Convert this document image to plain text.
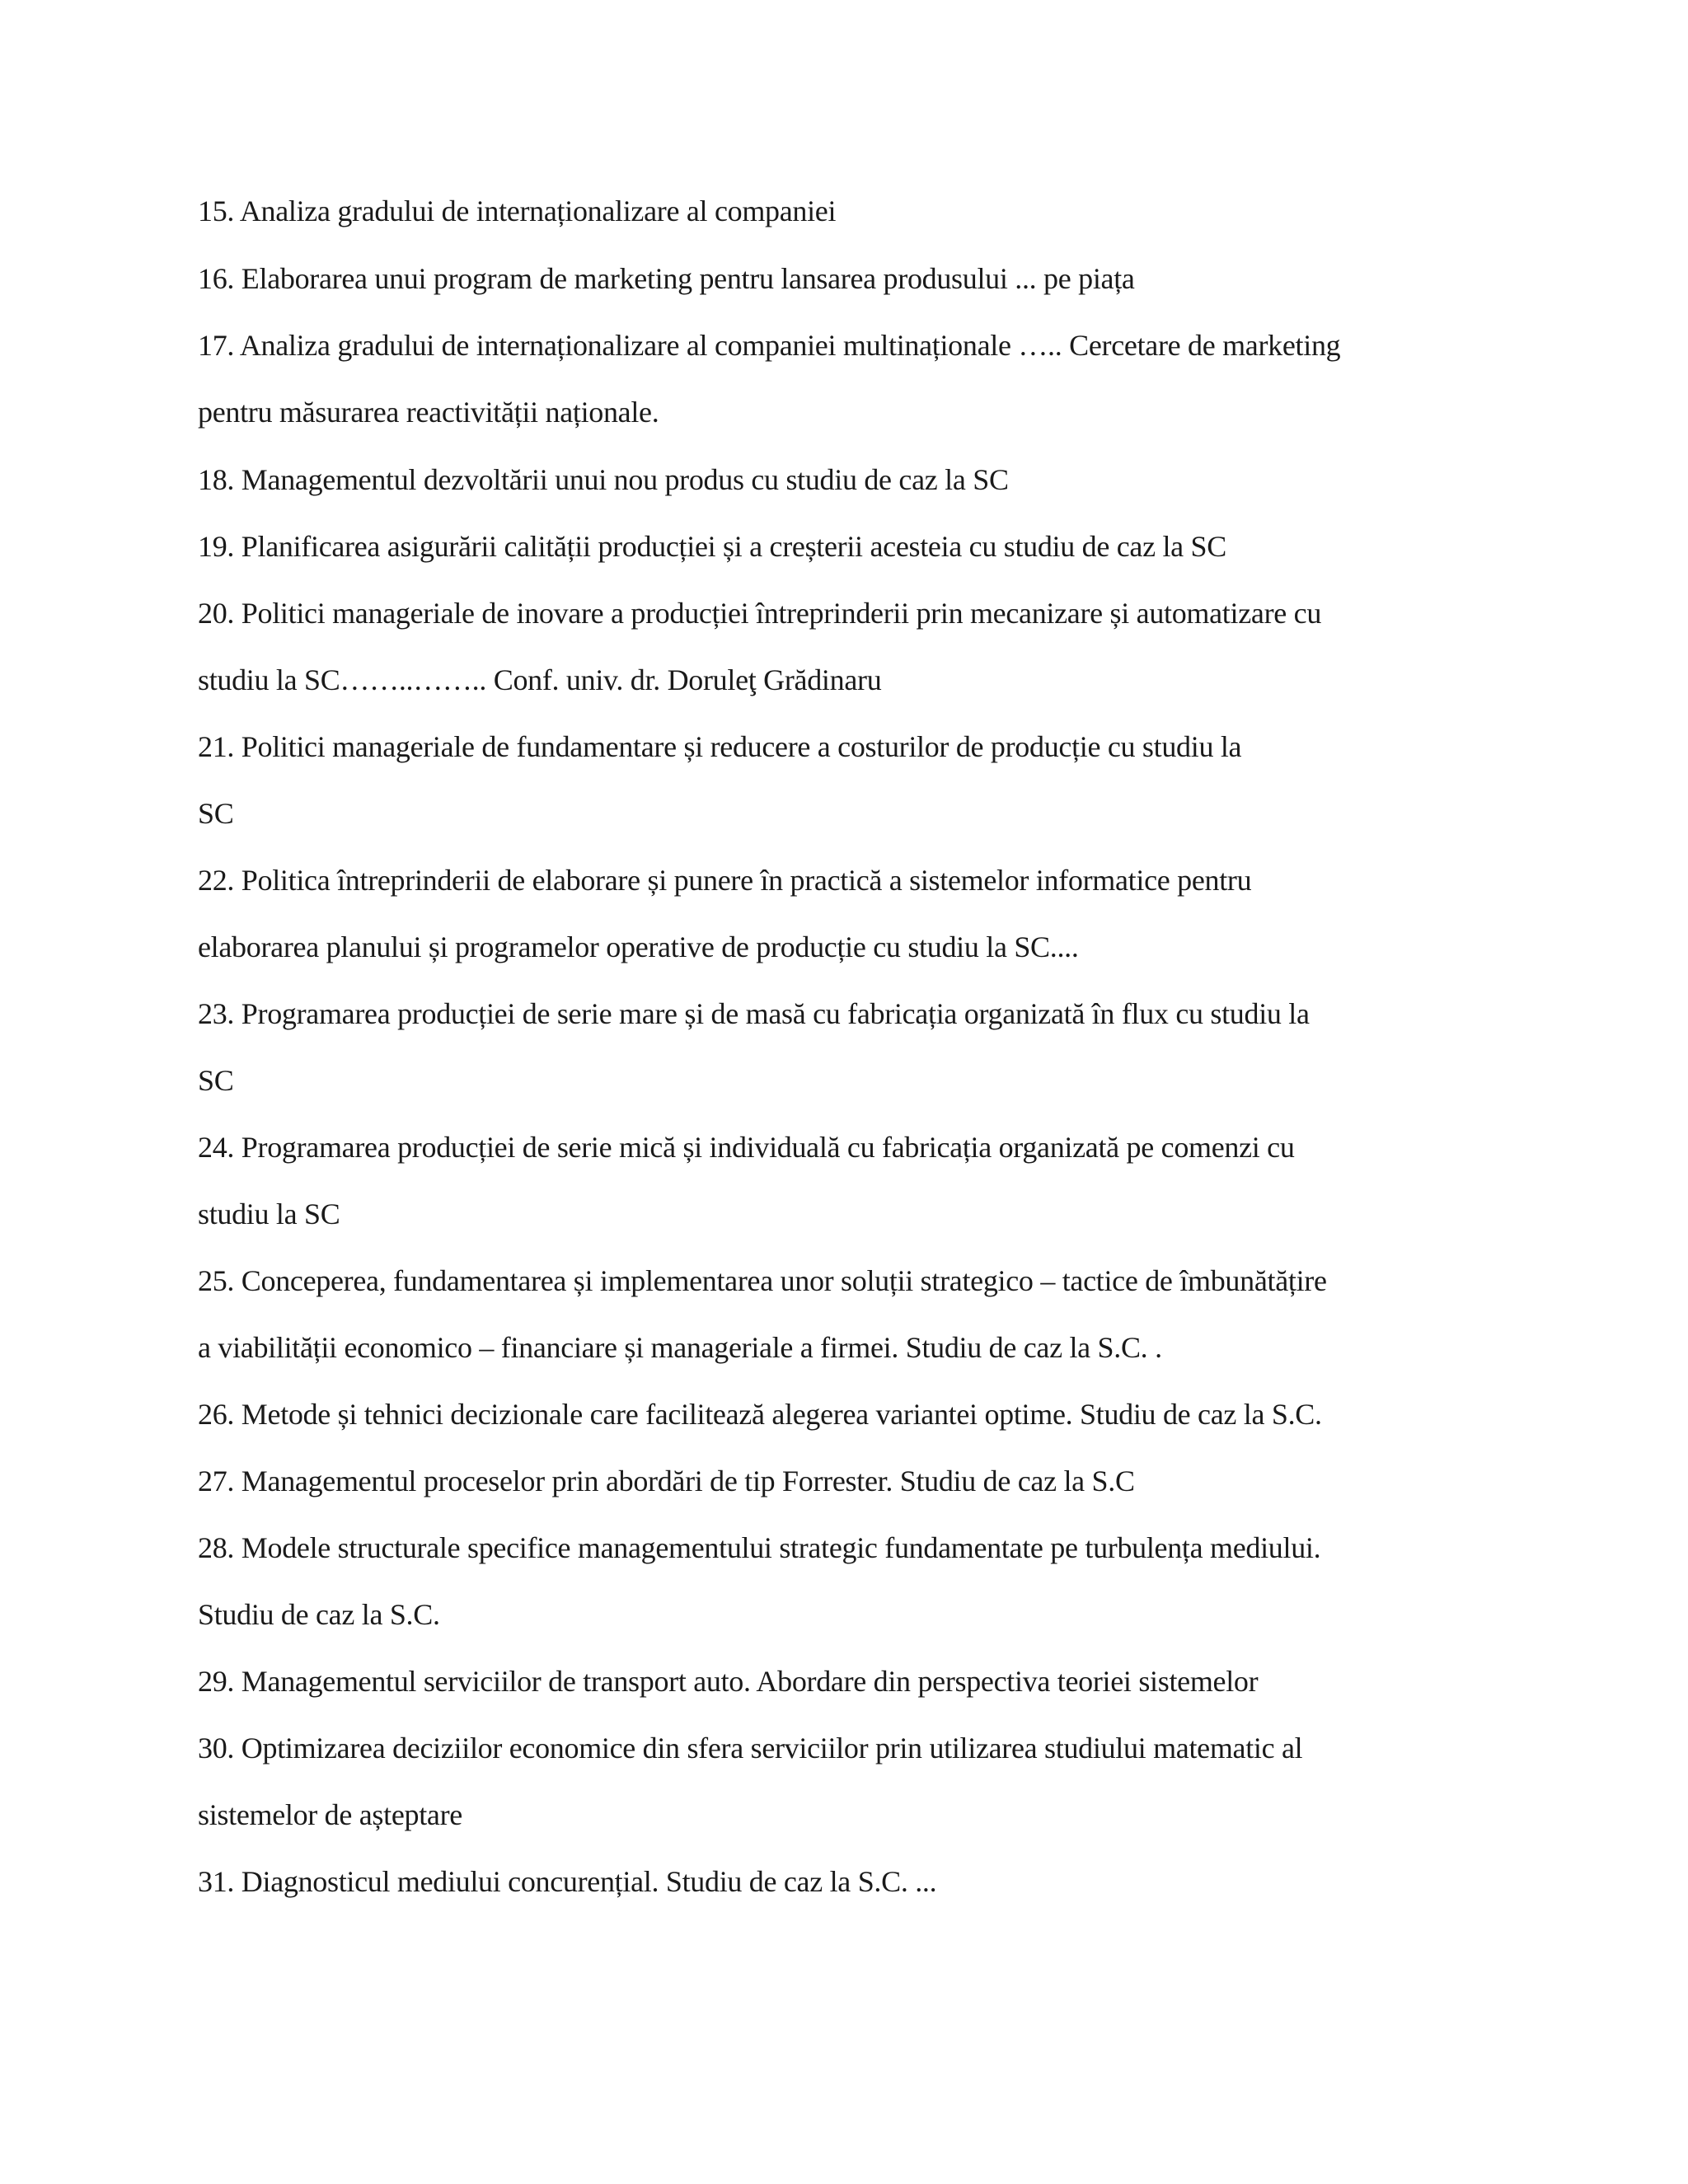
15. Analiza gradului de internaționalizare al companiei
16. Elaborarea unui program de marketing pentru lansarea produsului ... pe piața
17. Analiza gradului de internaționalizare al companiei multinaționale ….. Cercetare de marketing
pentru măsurarea reactivității naționale.
18. Managementul dezvoltării unui nou produs cu studiu de caz la SC
19. Planificarea asigurării calității producției și a creșterii acesteia cu studiu de caz la SC
20. Politici manageriale de inovare a producției întreprinderii prin mecanizare și automatizare cu
studiu la SC……..…….. Conf. univ. dr. Doruleţ Grădinaru
21. Politici manageriale de fundamentare și reducere a costurilor de producție cu studiu la
SC
22. Politica întreprinderii de elaborare și punere în practică a sistemelor informatice pentru
elaborarea planului și programelor operative de producție cu studiu la SC....
23. Programarea producției de serie mare și de masă cu fabricația organizată în flux cu studiu la
SC
24. Programarea producției de serie mică și individuală cu fabricația organizată pe comenzi cu
studiu la SC
25. Conceperea, fundamentarea și implementarea unor soluții strategico – tactice de îmbunătățire
a viabilității economico – financiare și manageriale a firmei. Studiu de caz la S.C. .
26. Metode și tehnici decizionale care facilitează alegerea variantei optime. Studiu de caz la S.C.
27. Managementul proceselor prin abordări de tip Forrester. Studiu de caz la S.C
28. Modele structurale specifice managementului strategic fundamentate pe turbulența mediului.
Studiu de caz la S.C.
29. Managementul serviciilor de transport auto. Abordare din perspectiva teoriei sistemelor
30. Optimizarea deciziilor economice din sfera serviciilor prin utilizarea studiului matematic al
sistemelor de așteptare
31. Diagnosticul mediului concurențial. Studiu de caz la S.C. ...
